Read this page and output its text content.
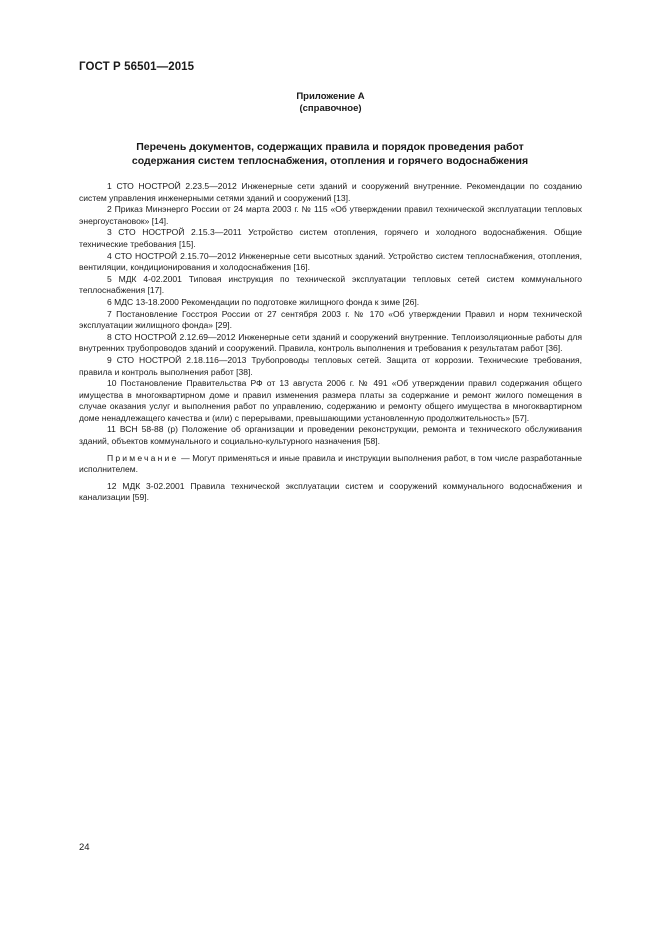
ГОСТ Р 56501—2015
Приложение А
(справочное)
Перечень документов, содержащих правила и порядок проведения работ
содержания систем теплоснабжения, отопления и горячего водоснабжения

1 СТО НОСТРОЙ 2.23.5—2012 Инженерные сети зданий и сооружений внутренние. Рекомендации по созданию систем управления инженерными сетями зданий и сооружений [13].

2 Приказ Минэнерго России от 24 марта 2003 г. № 115 «Об утверждении правил технической эксплуатации тепловых энергоустановок» [14].

3 СТО НОСТРОЙ 2.15.3—2011 Устройство систем отопления, горячего и холодного водоснабжения. Общие технические требования [15].

4 СТО НОСТРОЙ 2.15.70—2012 Инженерные сети высотных зданий. Устройство систем теплоснабжения, отопления, вентиляции, кондиционирования и холодоснабжения [16].

5 МДК 4-02.2001 Типовая инструкция по технической эксплуатации тепловых сетей систем коммунального теплоснабжения [17].

6 МДС 13-18.2000 Рекомендации по подготовке жилищного фонда к зиме [26].

7 Постановление Госстроя России от 27 сентября 2003 г. № 170 «Об утверждении Правил и норм технической эксплуатации жилищного фонда» [29].

8 СТО НОСТРОЙ 2.12.69—2012 Инженерные сети зданий и сооружений внутренние. Теплоизоляционные работы для внутренних трубопроводов зданий и сооружений. Правила, контроль выполнения и требования к результатам работ [36].

9 СТО НОСТРОЙ 2.18.116—2013 Трубопроводы тепловых сетей. Защита от коррозии. Технические требования, правила и контроль выполнения работ [38].

10 Постановление Правительства РФ от 13 августа 2006 г. № 491 «Об утверждении правил содержания общего имущества в многоквартирном доме и правил изменения размера платы за содержание и ремонт жилого помещения в случае оказания услуг и выполнения работ по управлению, содержанию и ремонту общего имущества в многоквартирном доме ненадлежащего качества и (или) с перерывами, превышающими установленную продолжительность» [57].

11 ВСН 58-88 (р) Положение об организации и проведении реконструкции, ремонта и технического обслуживания зданий, объектов коммунального и социально-культурного назначения [58].

Примечание — Могут применяться и иные правила и инструкции выполнения работ, в том числе разработанные исполнителем.

12 МДК 3-02.2001 Правила технической эксплуатации систем и сооружений коммунального водоснабжения и канализации [59].

24
